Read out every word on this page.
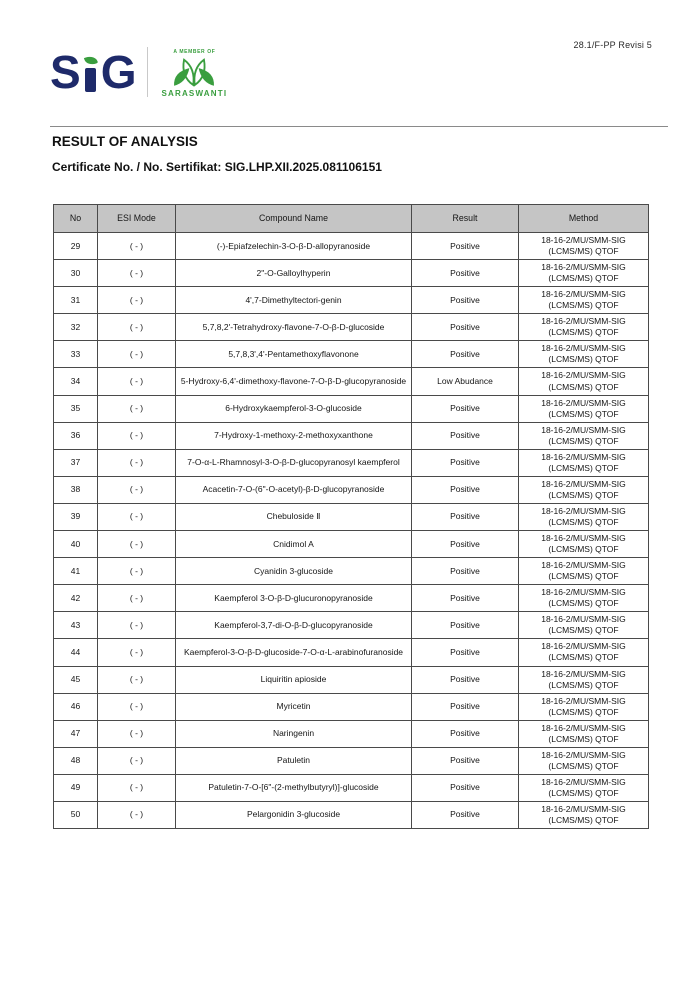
28.1/F-PP Revisi 5
S G	A MEMBER OF
SARASWANTI
RESULT OF ANALYSIS
Certificate No. / No. Sertifikat: SIG.LHP.XII.2025.081106151
No	ESI Mode	Compound Name	Result	Method
29	( - )	(-)-Epiafzelechin-3-O-β-D-allopyranoside	Positive	18-16-2/MU/SMM-SIG (LCMS/MS) QTOF
30	( - )	2"-O-Galloylhyperin	Positive	18-16-2/MU/SMM-SIG (LCMS/MS) QTOF
31	( - )	4',7-Dimethyltectori-genin	Positive	18-16-2/MU/SMM-SIG (LCMS/MS) QTOF
32	( - )	5,7,8,2'-Tetrahydroxy-flavone-7-O-β-D-glucoside	Positive	18-16-2/MU/SMM-SIG (LCMS/MS) QTOF
33	( - )	5,7,8,3',4'-Pentamethoxyflavonone	Positive	18-16-2/MU/SMM-SIG (LCMS/MS) QTOF
34	( - )	5-Hydroxy-6,4'-dimethoxy-flavone-7-O-β-D-glucopyranoside	Low Abudance	18-16-2/MU/SMM-SIG (LCMS/MS) QTOF
35	( - )	6-Hydroxykaempferol-3-O-glucoside	Positive	18-16-2/MU/SMM-SIG (LCMS/MS) QTOF
36	( - )	7-Hydroxy-1-methoxy-2-methoxyxanthone	Positive	18-16-2/MU/SMM-SIG (LCMS/MS) QTOF
37	( - )	7-O-α-L-Rhamnosyl-3-O-β-D-glucopyranosyl kaempferol	Positive	18-16-2/MU/SMM-SIG (LCMS/MS) QTOF
38	( - )	Acacetin-7-O-(6"-O-acetyl)-β-D-glucopyranoside	Positive	18-16-2/MU/SMM-SIG (LCMS/MS) QTOF
39	( - )	Chebuloside Ⅱ	Positive	18-16-2/MU/SMM-SIG (LCMS/MS) QTOF
40	( - )	Cnidimol A	Positive	18-16-2/MU/SMM-SIG (LCMS/MS) QTOF
41	( - )	Cyanidin 3-glucoside	Positive	18-16-2/MU/SMM-SIG (LCMS/MS) QTOF
42	( - )	Kaempferol 3-O-β-D-glucuronopyranoside	Positive	18-16-2/MU/SMM-SIG (LCMS/MS) QTOF
43	( - )	Kaempferol-3,7-di-O-β-D-glucopyranoside	Positive	18-16-2/MU/SMM-SIG (LCMS/MS) QTOF
44	( - )	Kaempferol-3-O-β-D-glucoside-7-O-α-L-arabinofuranoside	Positive	18-16-2/MU/SMM-SIG (LCMS/MS) QTOF
45	( - )	Liquiritin apioside	Positive	18-16-2/MU/SMM-SIG (LCMS/MS) QTOF
46	( - )	Myricetin	Positive	18-16-2/MU/SMM-SIG (LCMS/MS) QTOF
47	( - )	Naringenin	Positive	18-16-2/MU/SMM-SIG (LCMS/MS) QTOF
48	( - )	Patuletin	Positive	18-16-2/MU/SMM-SIG (LCMS/MS) QTOF
49	( - )	Patuletin-7-O-[6"-(2-methylbutyryl)]-glucoside	Positive	18-16-2/MU/SMM-SIG (LCMS/MS) QTOF
50	( - )	Pelargonidin 3-glucoside	Positive	18-16-2/MU/SMM-SIG (LCMS/MS) QTOF
